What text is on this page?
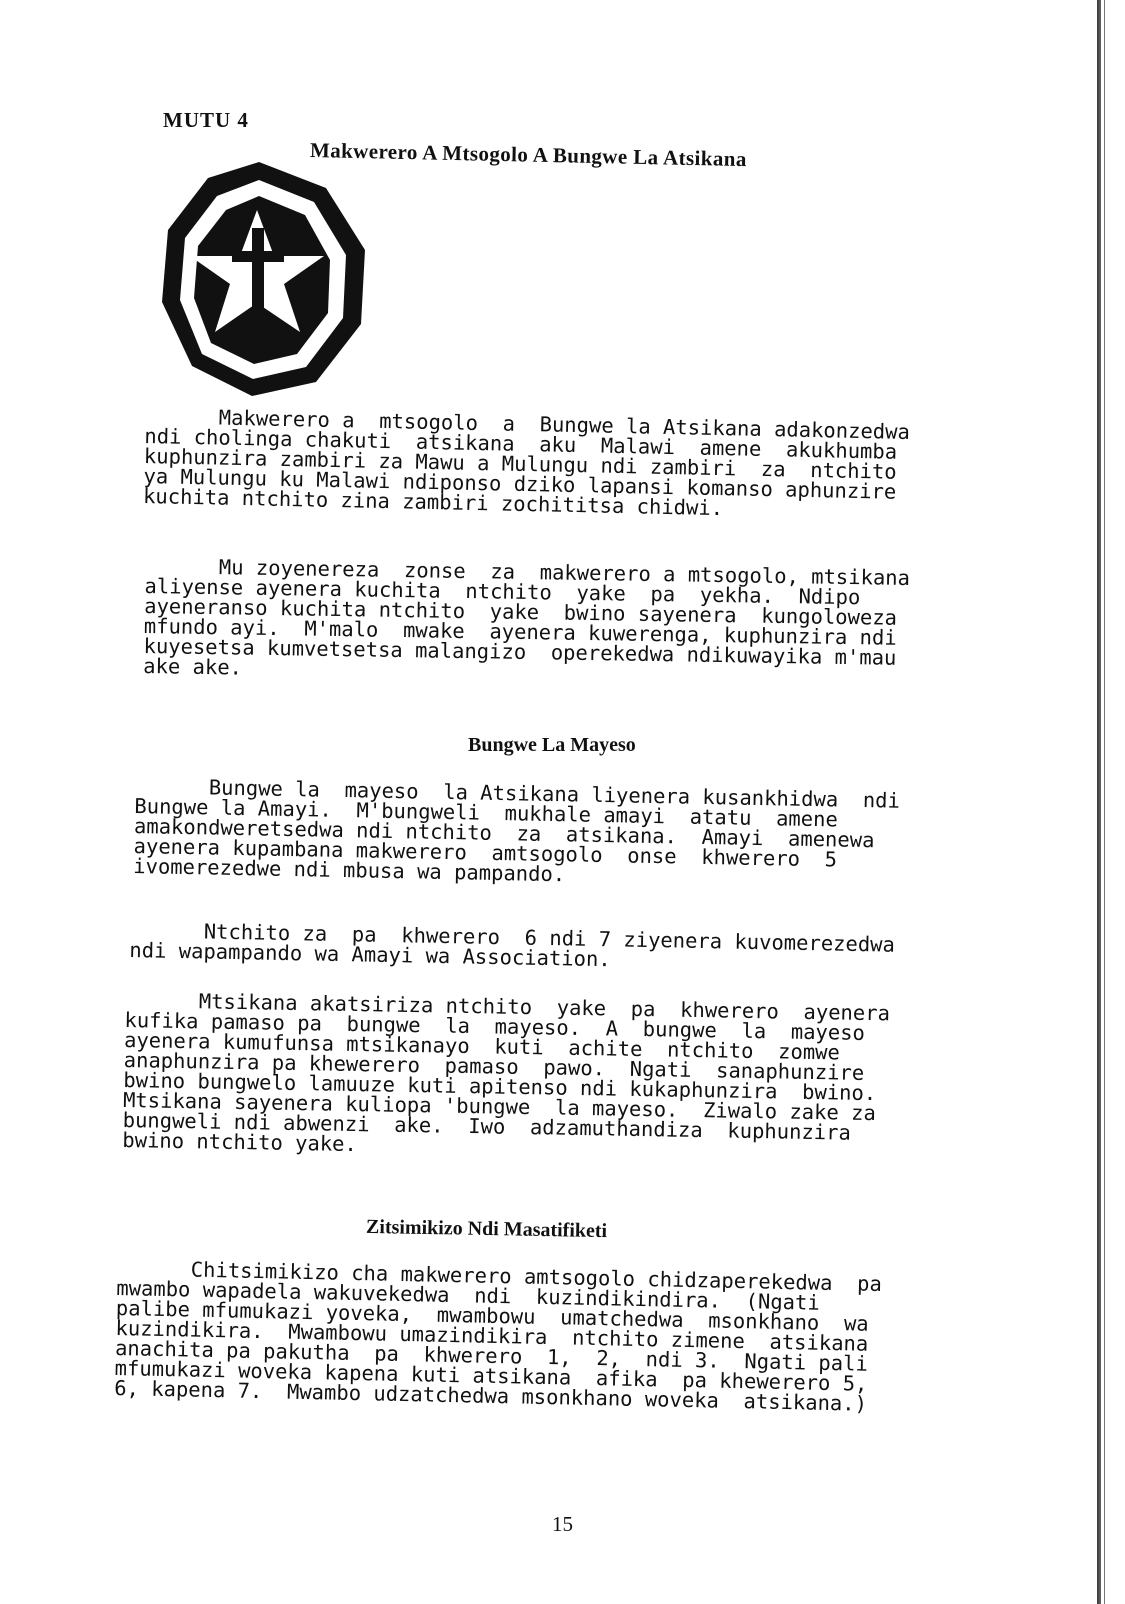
MUTU 4
Makwerero A Mtsogolo A Bungwe La Atsikana
Makwerero a  mtsogolo  a  Bungwe la Atsikana adakonzedwa
ndi cholinga chakuti  atsikana  aku  Malawi  amene  akukhumba
kuphunzira zambiri za Mawu a Mulungu ndi zambiri  za  ntchito
ya Mulungu ku Malawi ndiponso dziko lapansi komanso aphunzire
kuchita ntchito zina zambiri zochititsa chidwi.
Mu zoyenereza  zonse  za  makwerero a mtsogolo, mtsikana
aliyense ayenera kuchita  ntchito  yake  pa  yekha.  Ndipo
ayeneranso kuchita ntchito  yake  bwino sayenera  kungoloweza
mfundo ayi.  M'malo  mwake  ayenera kuwerenga, kuphunzira ndi
kuyesetsa kumvetsetsa malangizo  operekedwa ndikuwayika m'mau
ake ake.
Bungwe La Mayeso
Bungwe la  mayeso  la Atsikana liyenera kusankhidwa  ndi
Bungwe la Amayi.  M'bungweli  mukhale amayi  atatu  amene
amakondweretsedwa ndi ntchito  za  atsikana.  Amayi  amenewa
ayenera kupambana makwerero  amtsogolo  onse  khwerero  5
ivomerezedwe ndi mbusa wa pampando.
Ntchito za  pa  khwerero  6 ndi 7 ziyenera kuvomerezedwa
ndi wapampando wa Amayi wa Association.
Mtsikana akatsiriza ntchito  yake  pa  khwerero  ayenera
kufika pamaso pa  bungwe  la  mayeso.  A  bungwe  la  mayeso
ayenera kumufunsa mtsikanayo  kuti  achite  ntchito  zomwe
anaphunzira pa khewerero  pamaso  pawo.  Ngati  sanaphunzire
bwino bungwelo lamuuze kuti apitenso ndi kukaphunzira  bwino.
Mtsikana sayenera kuliopa 'bungwe  la mayeso.  Ziwalo zake za
bungweli ndi abwenzi  ake.  Iwo  adzamuthandiza  kuphunzira
bwino ntchito yake.
Zitsimikizo Ndi Masatifiketi
Chitsimikizo cha makwerero amtsogolo chidzaperekedwa  pa
mwambo wapadela wakuvekedwa  ndi  kuzindikindira.  (Ngati
palibe mfumukazi yoveka,  mwambowu  umatchedwa  msonkhano  wa
kuzindikira.  Mwambowu umazindikira  ntchito zimene  atsikana
anachita pa pakutha  pa  khwerero  1,  2,  ndi 3.  Ngati pali
mfumukazi woveka kapena kuti atsikana  afika  pa khewerero 5,
6, kapena 7.  Mwambo udzatchedwa msonkhano woveka  atsikana.)
15
